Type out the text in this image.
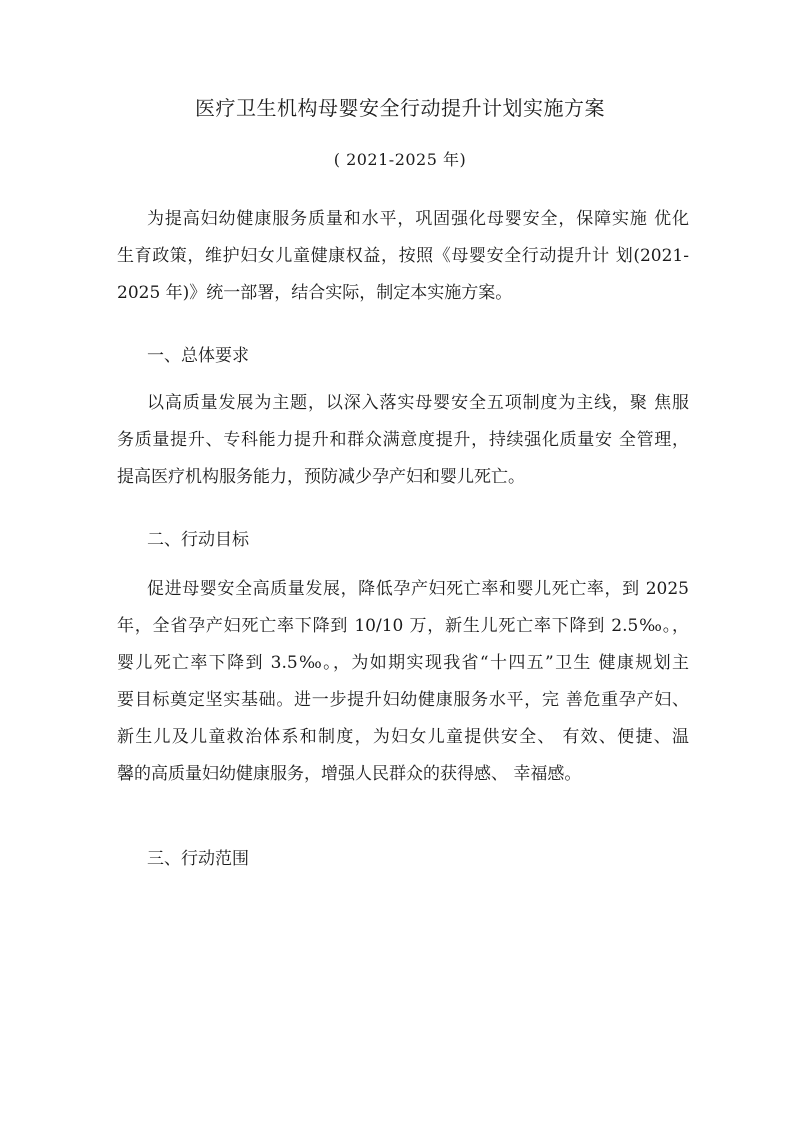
医疗卫生机构母婴安全行动提升计划实施方案

( 2021-2025 年)

为提高妇幼健康服务质量和水平，巩固强化母婴安全，保障实施 优化
生育政策，维护妇女儿童健康权益，按照《母婴安全行动提升计 划(2021-
2025 年)》统一部署，结合实际，制定本实施方案。
一、总体要求
以高质量发展为主题，以深入落实母婴安全五项制度为主线，聚 焦服
务质量提升、专科能力提升和群众满意度提升，持续强化质量安 全管理，
提高医疗机构服务能力，预防减少孕产妇和婴儿死亡。
二、行动目标
促进母婴安全高质量发展，降低孕产妇死亡率和婴儿死亡率，到 2025
年，全省孕产妇死亡率下降到 10/10 万，新生儿死亡率下降到 2.5‰。，
婴儿死亡率下降到 3.5‰。，为如期实现我省“十四五”卫生 健康规划主
要目标奠定坚实基础。进一步提升妇幼健康服务水平，完 善危重孕产妇、
新生儿及儿童救治体系和制度，为妇女儿童提供安全、 有效、便捷、温
馨的高质量妇幼健康服务，增强人民群众的获得感、 幸福感。
三、行动范围
